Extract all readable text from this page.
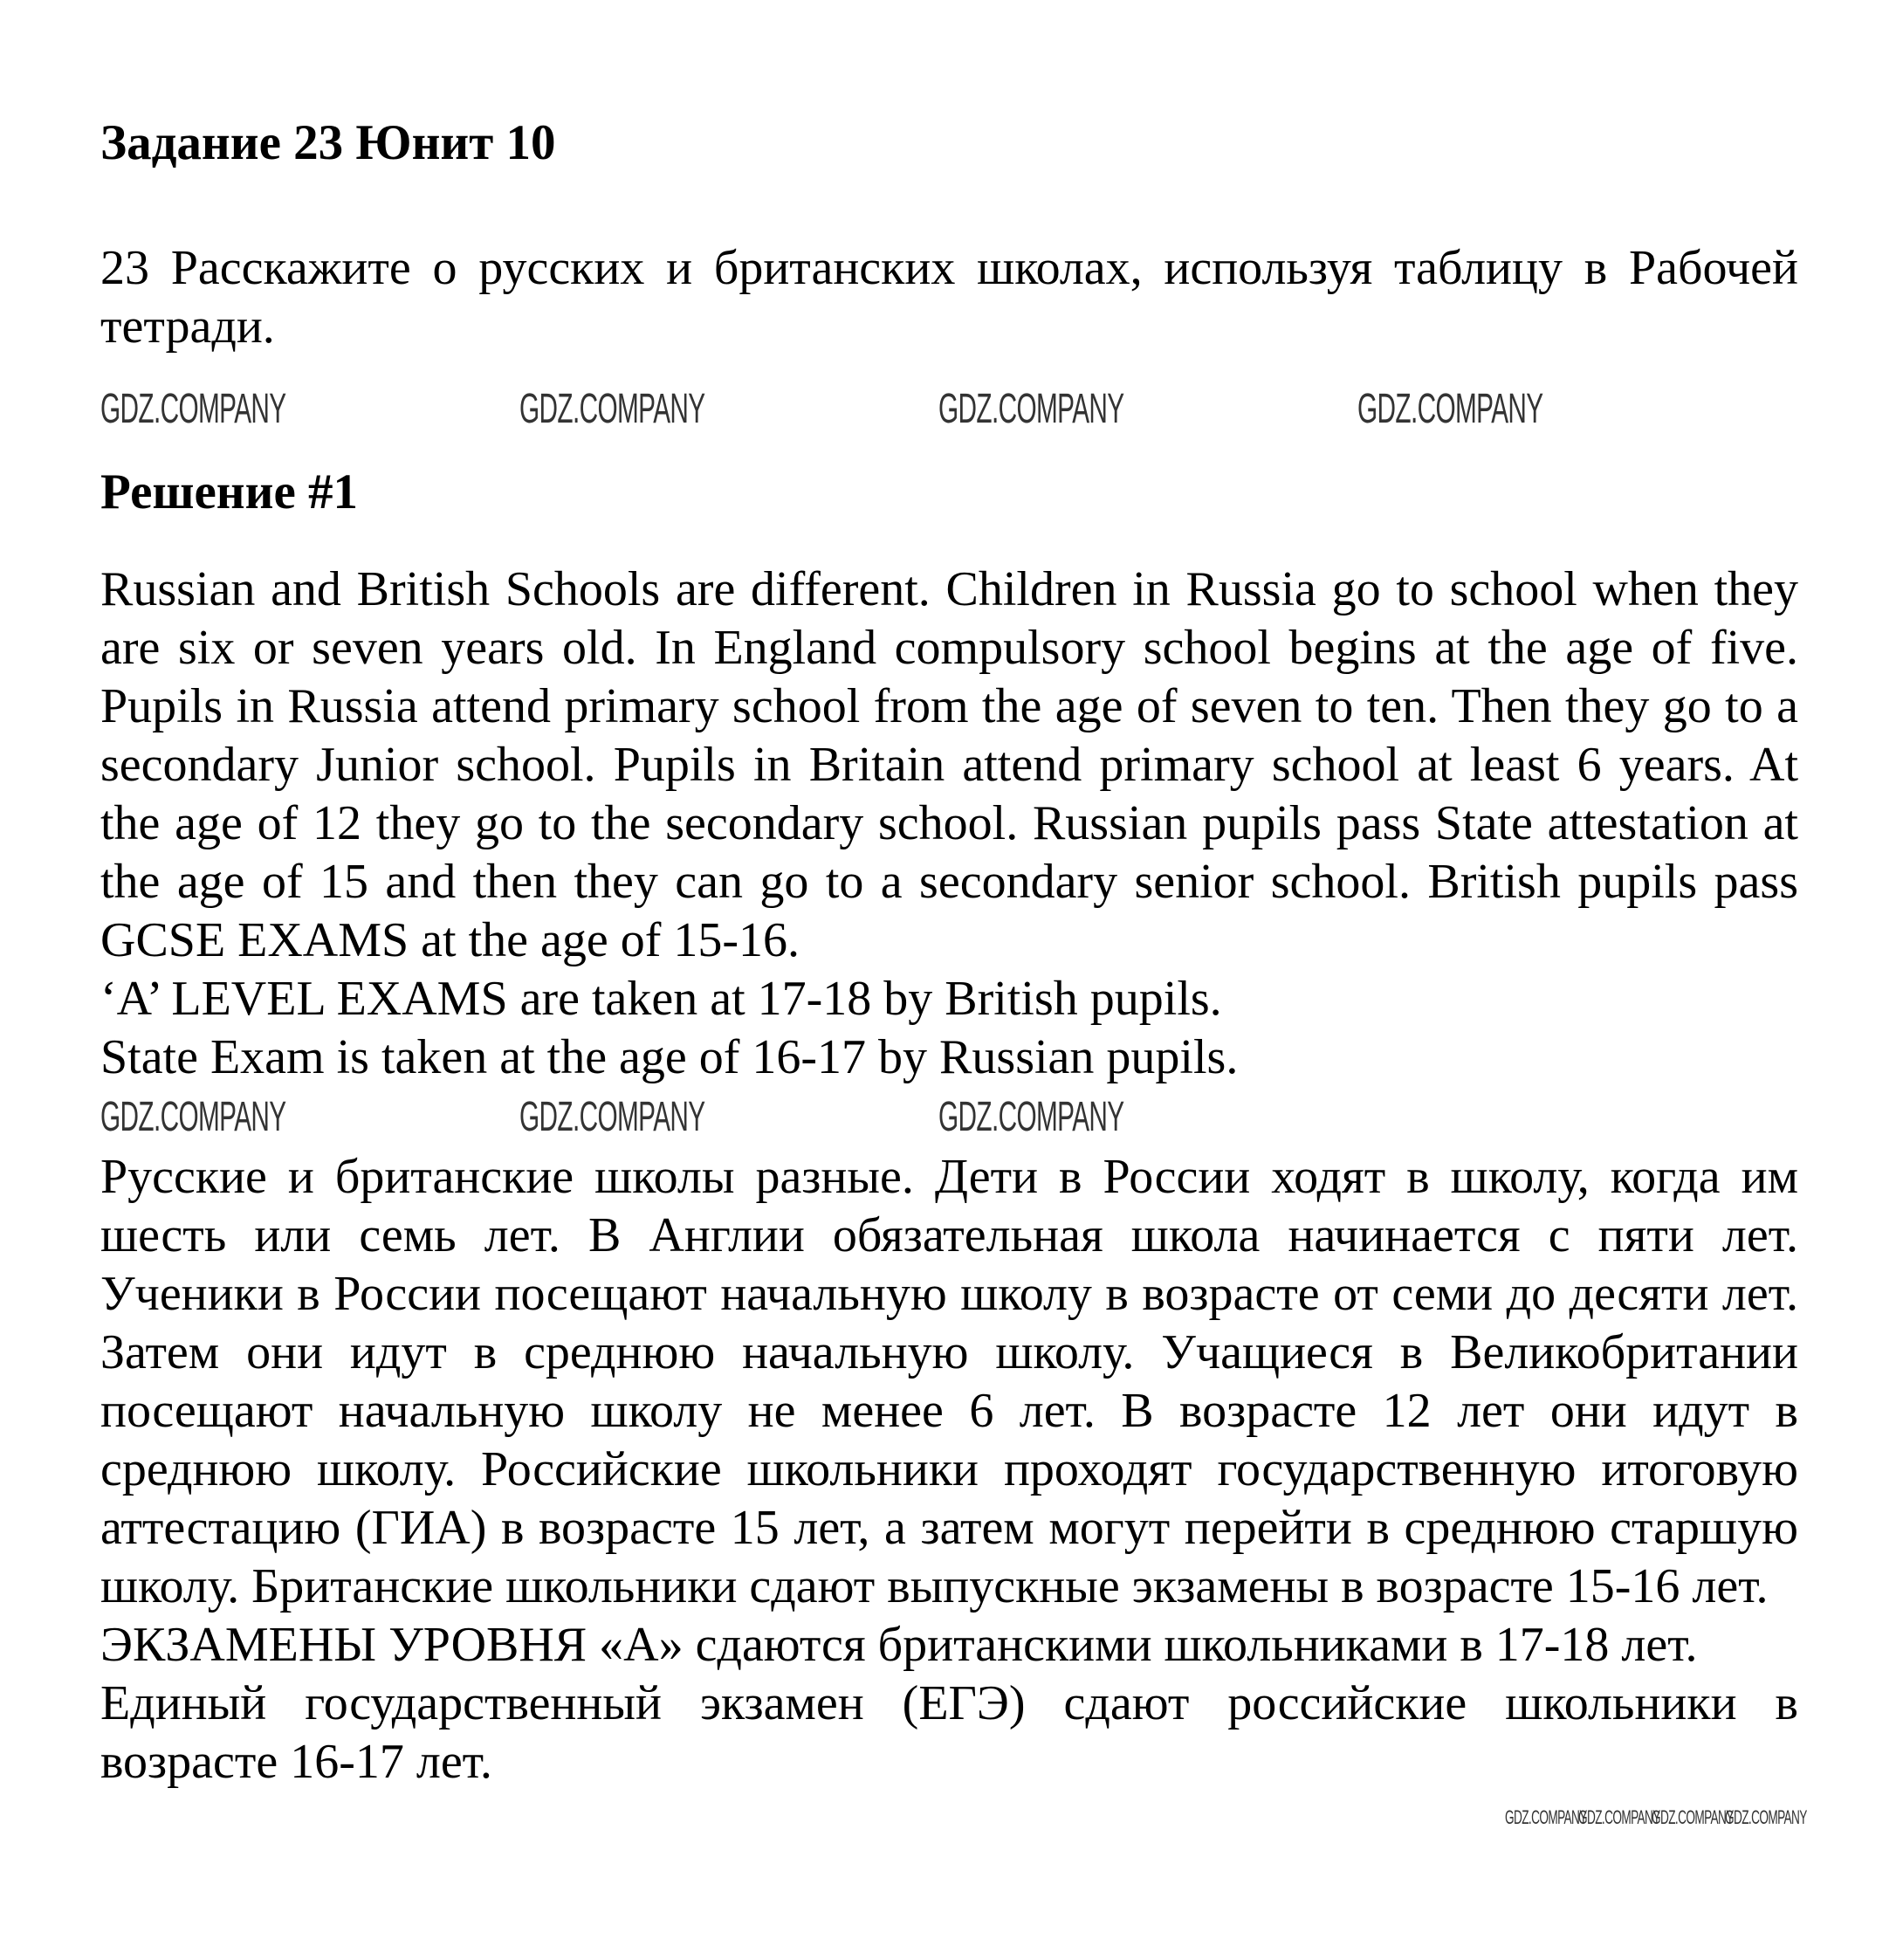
Задание 23 Юнит 10

23 Расскажите о русских и британских школах, используя таблицу в Рабочей тетради.

GDZ.COMPANY	GDZ.COMPANY	GDZ.COMPANY	GDZ.COMPANY
Решение #1

Russian and British Schools are different. Children in Russia go to school when they are six or seven years old. In England compulsory school begins at the age of five. Pupils in Russia attend primary school from the age of seven to ten. Then they go to a secondary Junior school. Pupils in Britain attend primary school at least 6 years. At the age of 12 they go to the secondary school. Russian pupils pass State attestation at the age of 15 and then they can go to a secondary senior school. British pupils pass GCSE EXAMS at the age of 15-16.

‘A’ LEVEL EXAMS are taken at 17-18 by British pupils.

State Exam is taken at the age of 16-17 by Russian pupils.

GDZ.COMPANY	GDZ.COMPANY	GDZ.COMPANY

Русские и британские школы разные. Дети в России ходят в школу, когда им шесть или семь лет. В Англии обязательная школа начинается с пяти лет. Ученики в России посещают начальную школу в возрасте от семи до десяти лет. Затем они идут в среднюю начальную школу. Учащиеся в Великобритании посещают начальную школу не менее 6 лет. В возрасте 12 лет они идут в среднюю школу. Российские школьники проходят государственную итоговую аттестацию (ГИА) в возрасте 15 лет, а затем могут перейти в среднюю старшую школу. Британские школьники сдают выпускные экзамены в возрасте 15-16 лет.

ЭКЗАМЕНЫ УРОВНЯ «А» сдаются британскими школьниками в 17-18 лет.

Единый государственный экзамен (ЕГЭ) сдают российские школьники в возрасте 16-17 лет.

GDZ.COMPANY
GDZ.COMPANY
GDZ.COMPANY
GDZ.COMPANY
